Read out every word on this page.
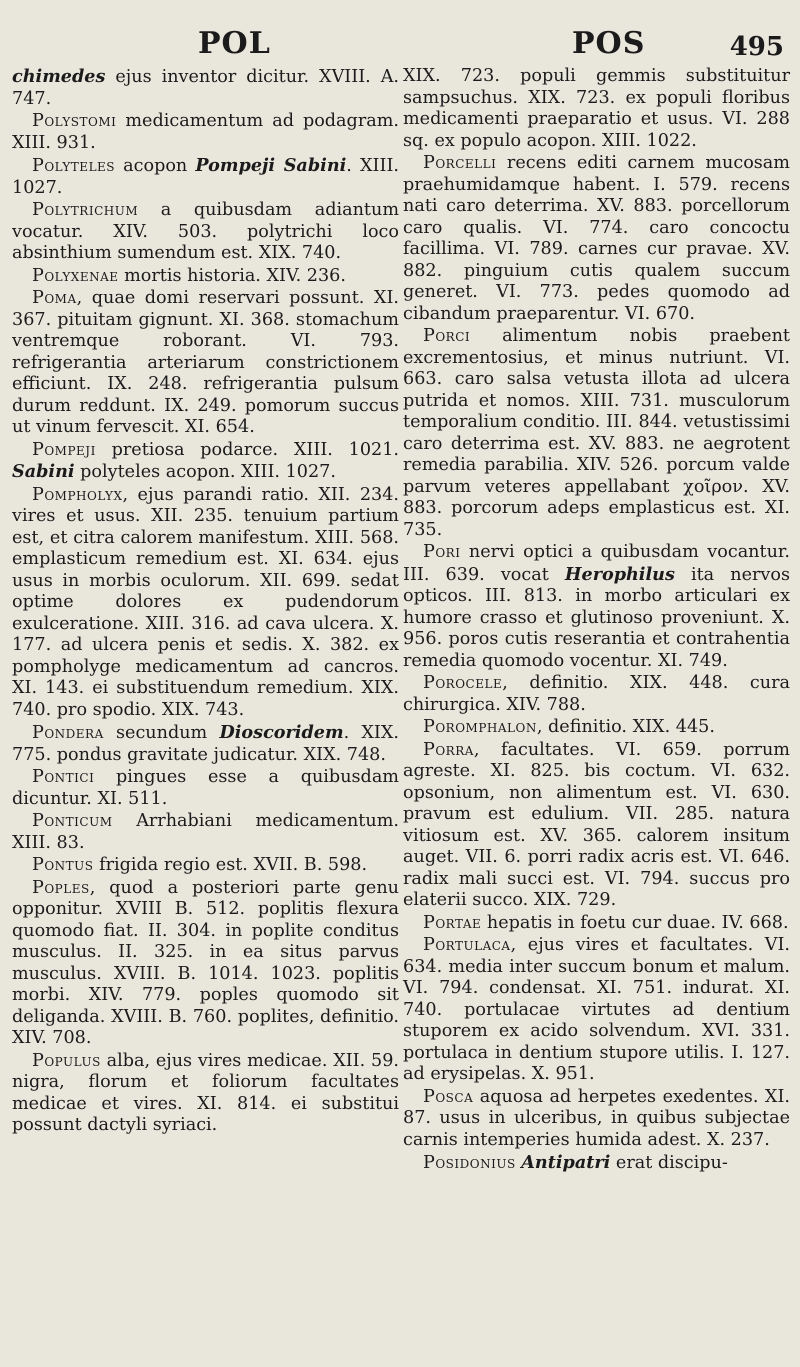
POL	POS	495

chimedes ejus inventor dicitur. XVIII. A. 747.

Polystomi medicamentum ad podagram. XIII. 931.

Polyteles acopon Pompeji Sabini. XIII. 1027.

Polytrichum a quibusdam adiantum vocatur. XIV. 503. polytrichi loco absinthium sumendum est. XIX. 740.

Polyxenae mortis historia. XIV. 236.

Poma, quae domi reservari possunt. XI. 367. pituitam gignunt. XI. 368. stomachum ventremque roborant. VI. 793. refrigerantia arteriarum constrictionem efficiunt. IX. 248. refrigerantia pulsum durum reddunt. IX. 249. pomorum succus ut vinum fervescit. XI. 654.

Pompeji pretiosa podarce. XIII. 1021. Sabini polyteles acopon. XIII. 1027.

Pompholyx, ejus parandi ratio. XII. 234. vires et usus. XII. 235. tenuium partium est, et citra calorem manifestum. XIII. 568. emplasticum remedium est. XI. 634. ejus usus in morbis oculorum. XII. 699. sedat optime dolores ex pudendorum exulceratione. XIII. 316. ad cava ulcera. X. 177. ad ulcera penis et sedis. X. 382. ex pompholyge medicamentum ad cancros. XI. 143. ei substituendum remedium. XIX. 740. pro spodio. XIX. 743.

Pondera secundum Dioscoridem. XIX. 775. pondus gravitate judicatur. XIX. 748.

Pontici pingues esse a quibusdam dicuntur. XI. 511.

Ponticum Arrhabiani medicamentum. XIII. 83.

Pontus frigida regio est. XVII. B. 598.

Poples, quod a posteriori parte genu opponitur. XVIII B. 512. poplitis flexura quomodo fiat. II. 304. in poplite conditus musculus. II. 325. in ea situs parvus musculus. XVIII. B. 1014. 1023. poplitis morbi. XIV. 779. poples quomodo sit deliganda. XVIII. B. 760. poplites, definitio. XIV. 708.

Populus alba, ejus vires medicae. XII. 59. nigra, florum et foliorum facultates medicae et vires. XI. 814. ei substitui possunt dactyli syriaci.

XIX. 723. populi gemmis substituitur sampsuchus. XIX. 723. ex populi floribus medicamenti praeparatio et usus. VI. 288 sq. ex populo acopon. XIII. 1022.

Porcelli recens editi carnem mucosam praehumidamque habent. I. 579. recens nati caro deterrima. XV. 883. porcellorum caro qualis. VI. 774. caro concoctu facillima. VI. 789. carnes cur pravae. XV. 882. pinguium cutis qualem succum generet. VI. 773. pedes quomodo ad cibandum praeparentur. VI. 670.

Porci alimentum nobis praebent excrementosius, et minus nutriunt. VI. 663. caro salsa vetusta illota ad ulcera putrida et nomos. XIII. 731. musculorum temporalium conditio. III. 844. vetustissimi caro deterrima est. XV. 883. ne aegrotent remedia parabilia. XIV. 526. porcum valde parvum veteres appellabant χοῖρον. XV. 883. porcorum adeps emplasticus est. XI. 735.

Pori nervi optici a quibusdam vocantur. III. 639. vocat Herophilus ita nervos opticos. III. 813. in morbo articulari ex humore crasso et glutinoso proveniunt. X. 956. poros cutis reserantia et contrahentia remedia quomodo vocentur. XI. 749.

Porocele, definitio. XIX. 448. cura chirurgica. XIV. 788.

Poromphalon, definitio. XIX. 445.

Porra, facultates. VI. 659. porrum agreste. XI. 825. bis coctum. VI. 632. opsonium, non alimentum est. VI. 630. pravum est edulium. VII. 285. natura vitiosum est. XV. 365. calorem insitum auget. VII. 6. porri radix acris est. VI. 646. radix mali succi est. VI. 794. succus pro elaterii succo. XIX. 729.

Portae hepatis in foetu cur duae. IV. 668.

Portulaca, ejus vires et facultates. VI. 634. media inter succum bonum et malum. VI. 794. condensat. XI. 751. indurat. XI. 740. portulacae virtutes ad dentium stuporem ex acido solvendum. XVI. 331. portulaca in dentium stupore utilis. I. 127. ad erysipelas. X. 951.

Posca aquosa ad herpetes exedentes. XI. 87. usus in ulceribus, in quibus subjectae carnis intemperies humida adest. X. 237.

Posidonius Antipatri erat discipu-
